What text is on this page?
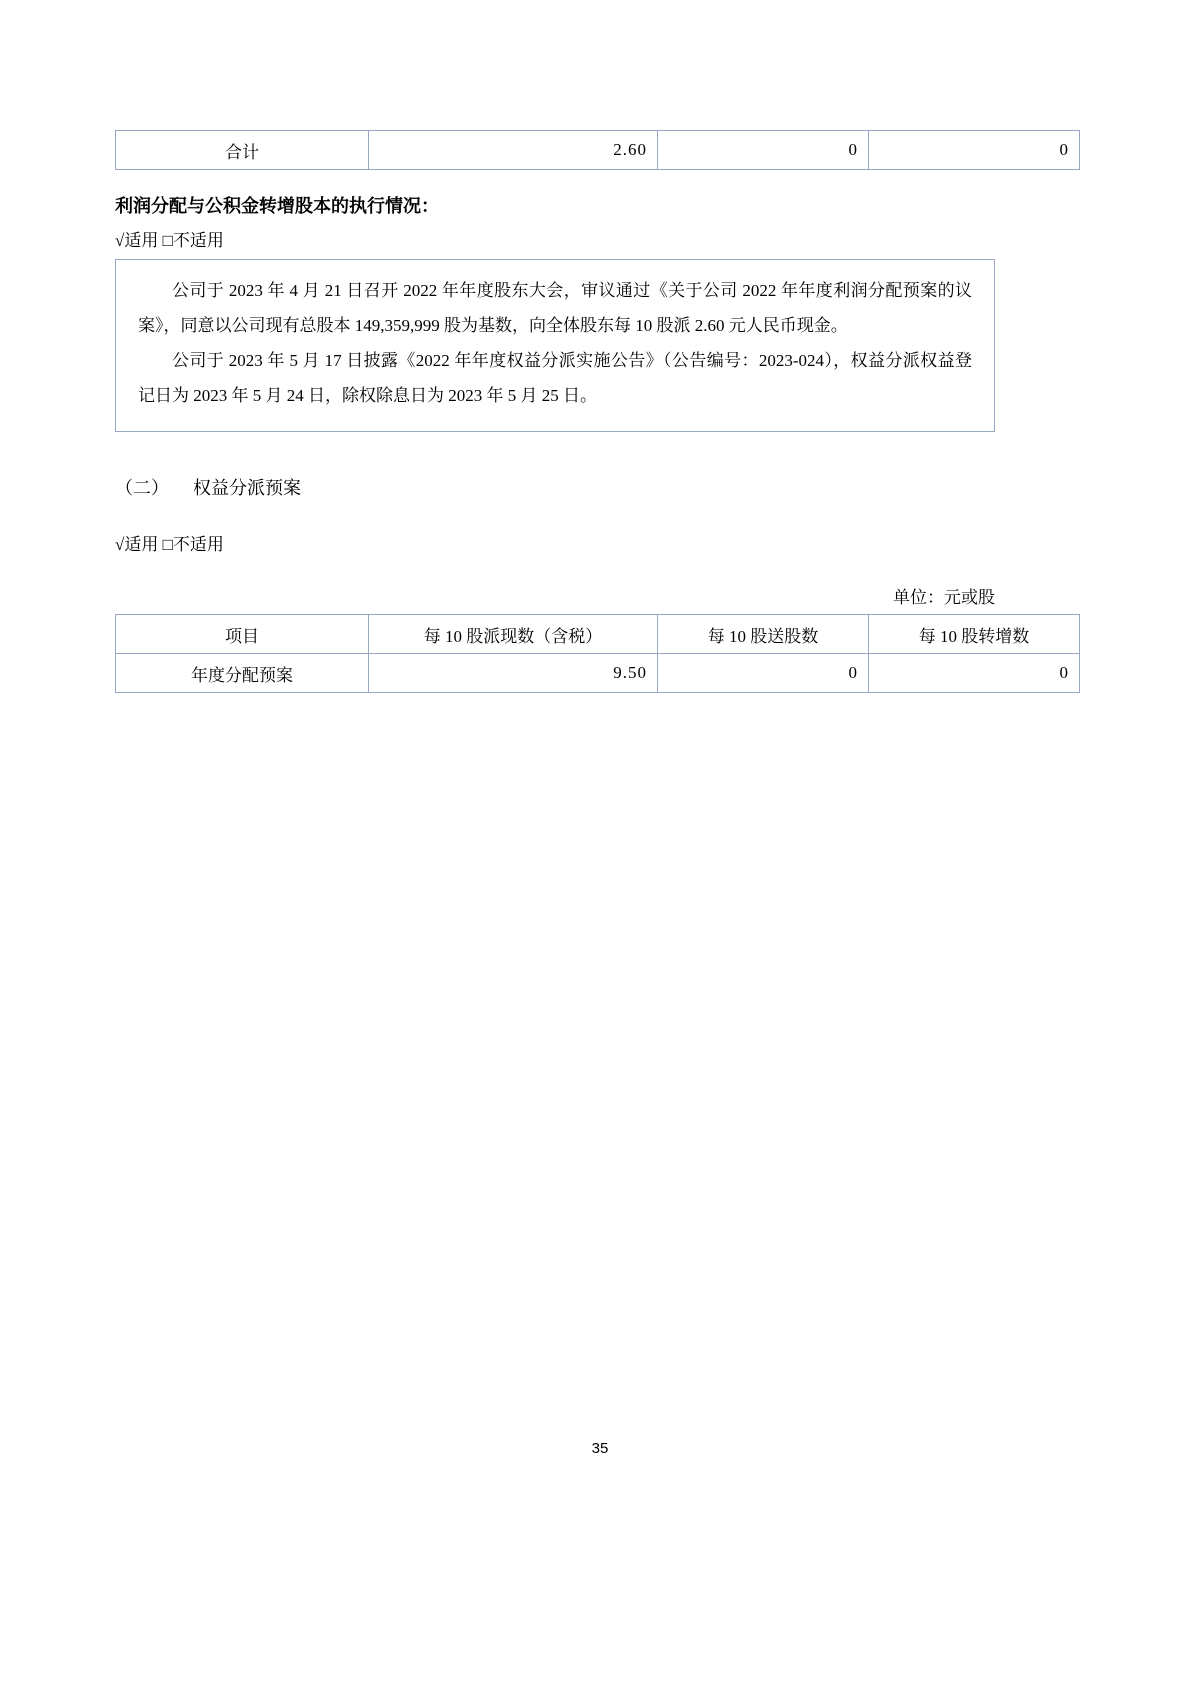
合计	2.60	0	0
利润分配与公积金转增股本的执行情况：
√适用 □不适用

公司于 2023 年 4 月 21 日召开 2022 年年度股东大会，审议通过《关于公司 2022 年年度利润分配预案的议案》，同意以公司现有总股本 149,359,999 股为基数，向全体股东每 10 股派 2.60 元人民币现金。

公司于 2023 年 5 月 17 日披露《2022 年年度权益分派实施公告》（公告编号：2023-024），权益分派权益登记日为 2023 年 5 月 24 日，除权除息日为 2023 年 5 月 25 日。

（二） 权益分派预案
√适用 □不适用
单位：元或股
项目	每 10 股派现数（含税）	每 10 股送股数	每 10 股转增数
年度分配预案	9.50	0	0
35
